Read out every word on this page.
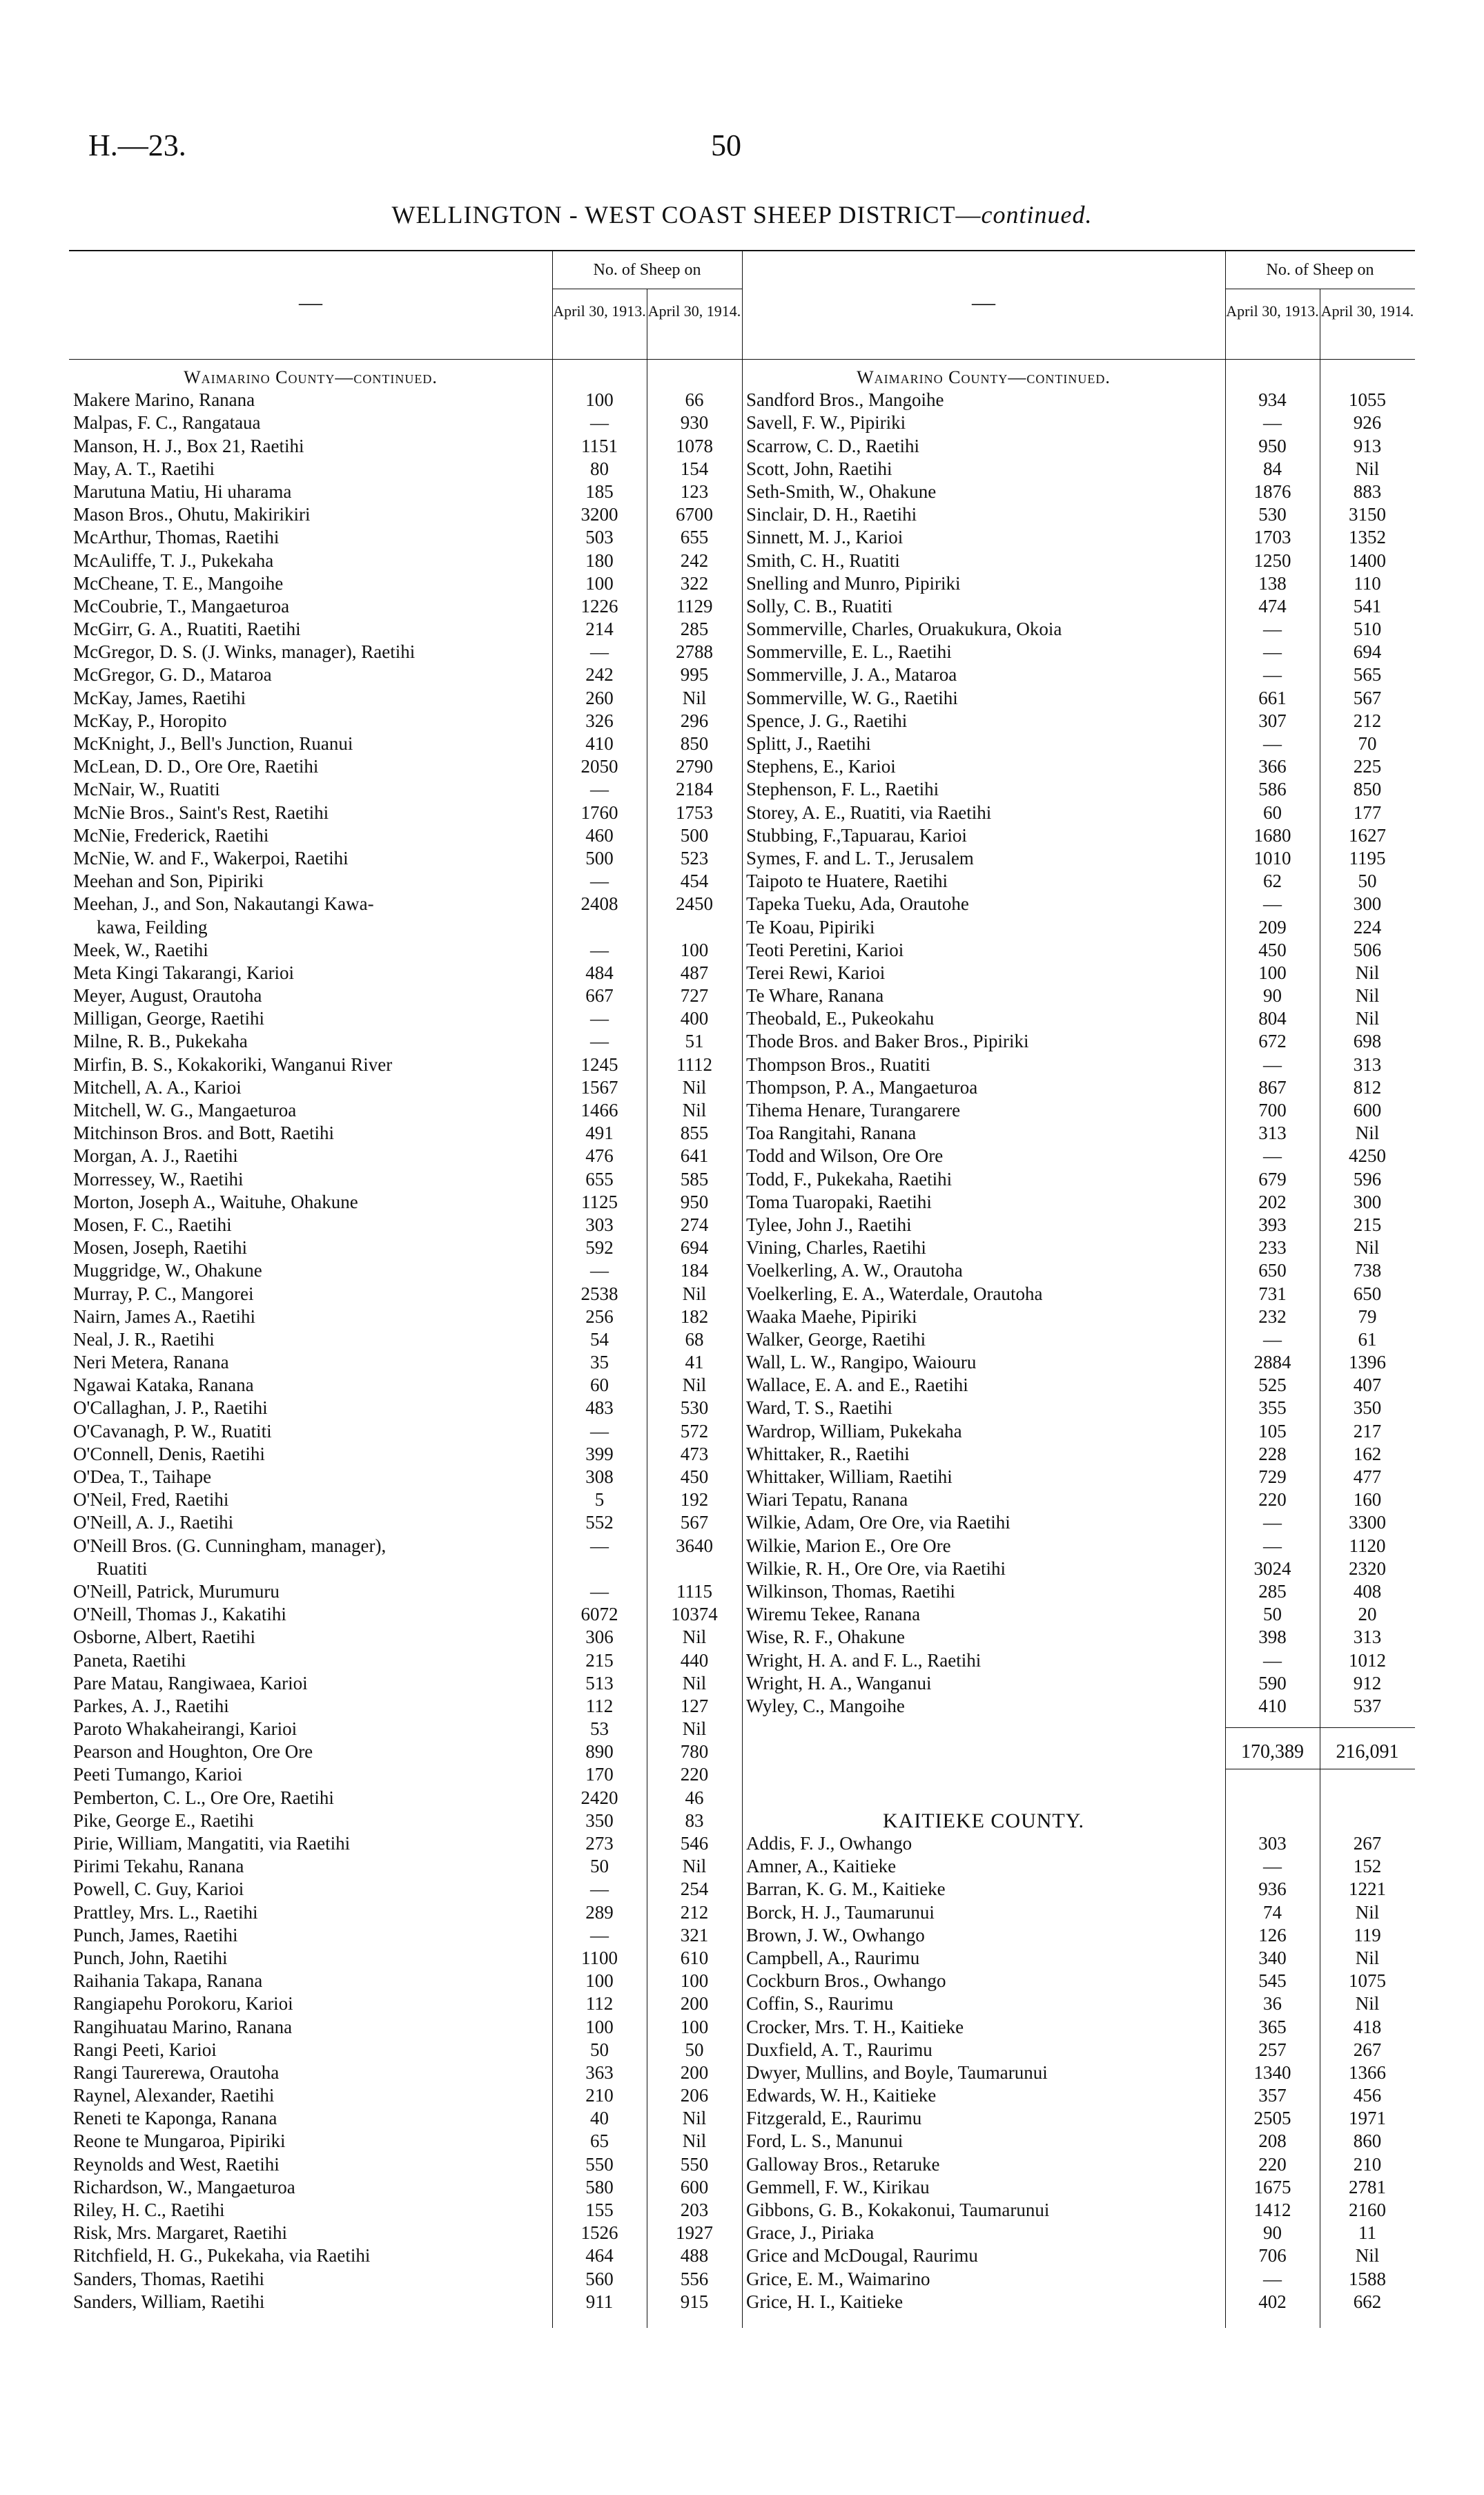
H.—23.	50
WELLINGTON - WEST COAST SHEEP DISTRICT—continued.
—
No. of Sheep on
April 30, 1913. April 30, 1914.
Waimarino County—continued.
Makere Marino, Ranana	100	66
Malpas, F. C., Rangataua	—	930
Manson, H. J., Box 21, Raetihi	1151	1078
May, A. T., Raetihi	80	154
Marutuna Matiu, Hi uharama	185	123
Mason Bros., Ohutu, Makirikiri	3200	6700
McArthur, Thomas, Raetihi	503	655
McAuliffe, T. J., Pukekaha	180	242
McCheane, T. E., Mangoihe	100	322
McCoubrie, T., Mangaeturoa	1226	1129
McGirr, G. A., Ruatiti, Raetihi	214	285
McGregor, D. S. (J. Winks, manager), Raetihi	—	2788
McGregor, G. D., Mataroa	242	995
McKay, James, Raetihi	260	Nil
McKay, P., Horopito	326	296
McKnight, J., Bell's Junction, Ruanui	410	850
McLean, D. D., Ore Ore, Raetihi	2050	2790
McNair, W., Ruatiti	—	2184
McNie Bros., Saint's Rest, Raetihi	1760	1753
McNie, Frederick, Raetihi	460	500
McNie, W. and F., Wakerpoi, Raetihi	500	523
Meehan and Son, Pipiriki	—	454
Meehan, J., and Son, Nakautangi Kawa-	2408	2450
kawa, Feilding
Meek, W., Raetihi	—	100
Meta Kingi Takarangi, Karioi	484	487
Meyer, August, Orautoha	667	727
Milligan, George, Raetihi	—	400
Milne, R. B., Pukekaha	—	51
Mirfin, B. S., Kokakoriki, Wanganui River	1245	1112
Mitchell, A. A., Karioi	1567	Nil
Mitchell, W. G., Mangaeturoa	1466	Nil
Mitchinson Bros. and Bott, Raetihi	491	855
Morgan, A. J., Raetihi	476	641
Morressey, W., Raetihi	655	585
Morton, Joseph A., Waituhe, Ohakune	1125	950
Mosen, F. C., Raetihi	303	274
Mosen, Joseph, Raetihi	592	694
Muggridge, W., Ohakune	—	184
Murray, P. C., Mangorei	2538	Nil
Nairn, James A., Raetihi	256	182
Neal, J. R., Raetihi	54	68
Neri Metera, Ranana	35	41
Ngawai Kataka, Ranana	60	Nil
O'Callaghan, J. P., Raetihi	483	530
O'Cavanagh, P. W., Ruatiti	—	572
O'Connell, Denis, Raetihi	399	473
O'Dea, T., Taihape	308	450
O'Neil, Fred, Raetihi	5	192
O'Neill, A. J., Raetihi	552	567
O'Neill Bros. (G. Cunningham, manager),	—	3640
Ruatiti
O'Neill, Patrick, Murumuru	—	1115
O'Neill, Thomas J., Kakatihi	6072	10374
Osborne, Albert, Raetihi	306	Nil
Paneta, Raetihi	215	440
Pare Matau, Rangiwaea, Karioi	513	Nil
Parkes, A. J., Raetihi	112	127
Paroto Whakaheirangi, Karioi	53	Nil
Pearson and Houghton, Ore Ore	890	780
Peeti Tumango, Karioi	170	220
Pemberton, C. L., Ore Ore, Raetihi	2420	46
Pike, George E., Raetihi	350	83
Pirie, William, Mangatiti, via Raetihi	273	546
Pirimi Tekahu, Ranana	50	Nil
Powell, C. Guy, Karioi	—	254
Prattley, Mrs. L., Raetihi	289	212
Punch, James, Raetihi	—	321
Punch, John, Raetihi	1100	610
Raihania Takapa, Ranana	100	100
Rangiapehu Porokoru, Karioi	112	200
Rangihuatau Marino, Ranana	100	100
Rangi Peeti, Karioi	50	50
Rangi Taurerewa, Orautoha	363	200
Raynel, Alexander, Raetihi	210	206
Reneti te Kaponga, Ranana	40	Nil
Reone te Mungaroa, Pipiriki	65	Nil
Reynolds and West, Raetihi	550	550
Richardson, W., Mangaeturoa	580	600
Riley, H. C., Raetihi	155	203
Risk, Mrs. Margaret, Raetihi	1526	1927
Ritchfield, H. G., Pukekaha, via Raetihi	464	488
Sanders, Thomas, Raetihi	560	556
Sanders, William, Raetihi	911	915
—
No. of Sheep on
April 30, 1913. April 30, 1914.
Waimarino County—continued.
Sandford Bros., Mangoihe	934	1055
Savell, F. W., Pipiriki	—	926
Scarrow, C. D., Raetihi	950	913
Scott, John, Raetihi	84	Nil
Seth-Smith, W., Ohakune	1876	883
Sinclair, D. H., Raetihi	530	3150
Sinnett, M. J., Karioi	1703	1352
Smith, C. H., Ruatiti	1250	1400
Snelling and Munro, Pipiriki	138	110
Solly, C. B., Ruatiti	474	541
Sommerville, Charles, Oruakukura, Okoia	—	510
Sommerville, E. L., Raetihi	—	694
Sommerville, J. A., Mataroa	—	565
Sommerville, W. G., Raetihi	661	567
Spence, J. G., Raetihi	307	212
Splitt, J., Raetihi	—	70
Stephens, E., Karioi	366	225
Stephenson, F. L., Raetihi	586	850
Storey, A. E., Ruatiti, via Raetihi	60	177
Stubbing, F.,Tapuarau, Karioi	1680	1627
Symes, F. and L. T., Jerusalem	1010	1195
Taipoto te Huatere, Raetihi	62	50
Tapeka Tueku, Ada, Orautohe	—	300
Te Koau, Pipiriki	209	224
Teoti Peretini, Karioi	450	506
Terei Rewi, Karioi	100	Nil
Te Whare, Ranana	90	Nil
Theobald, E., Pukeokahu	804	Nil
Thode Bros. and Baker Bros., Pipiriki	672	698
Thompson Bros., Ruatiti	—	313
Thompson, P. A., Mangaeturoa	867	812
Tihema Henare, Turangarere	700	600
Toa Rangitahi, Ranana	313	Nil
Todd and Wilson, Ore Ore	—	4250
Todd, F., Pukekaha, Raetihi	679	596
Toma Tuaropaki, Raetihi	202	300
Tylee, John J., Raetihi	393	215
Vining, Charles, Raetihi	233	Nil
Voelkerling, A. W., Orautoha	650	738
Voelkerling, E. A., Waterdale, Orautoha	731	650
Waaka Maehe, Pipiriki	232	79
Walker, George, Raetihi	—	61
Wall, L. W., Rangipo, Waiouru	2884	1396
Wallace, E. A. and E., Raetihi	525	407
Ward, T. S., Raetihi	355	350
Wardrop, William, Pukekaha	105	217
Whittaker, R., Raetihi	228	162
Whittaker, William, Raetihi	729	477
Wiari Tepatu, Ranana	220	160
Wilkie, Adam, Ore Ore, via Raetihi	—	3300
Wilkie, Marion E., Ore Ore	—	1120
Wilkie, R. H., Ore Ore, via Raetihi	3024	2320
Wilkinson, Thomas, Raetihi	285	408
Wiremu Tekee, Ranana	50	20
Wise, R. F., Ohakune	398	313
Wright, H. A. and F. L., Raetihi	—	1012
Wright, H. A., Wanganui	590	912
Wyley, C., Mangoihe	410	537
170,389	216,091
KAITIEKE COUNTY.
Addis, F. J., Owhango	303	267
Amner, A., Kaitieke	—	152
Barran, K. G. M., Kaitieke	936	1221
Borck, H. J., Taumarunui	74	Nil
Brown, J. W., Owhango	126	119
Campbell, A., Raurimu	340	Nil
Cockburn Bros., Owhango	545	1075
Coffin, S., Raurimu	36	Nil
Crocker, Mrs. T. H., Kaitieke	365	418
Duxfield, A. T., Raurimu	257	267
Dwyer, Mullins, and Boyle, Taumarunui	1340	1366
Edwards, W. H., Kaitieke	357	456
Fitzgerald, E., Raurimu	2505	1971
Ford, L. S., Manunui	208	860
Galloway Bros., Retaruke	220	210
Gemmell, F. W., Kirikau	1675	2781
Gibbons, G. B., Kokakonui, Taumarunui	1412	2160
Grace, J., Piriaka	90	11
Grice and McDougal, Raurimu	706	Nil
Grice, E. M., Waimarino	—	1588
Grice, H. I., Kaitieke	402	662
